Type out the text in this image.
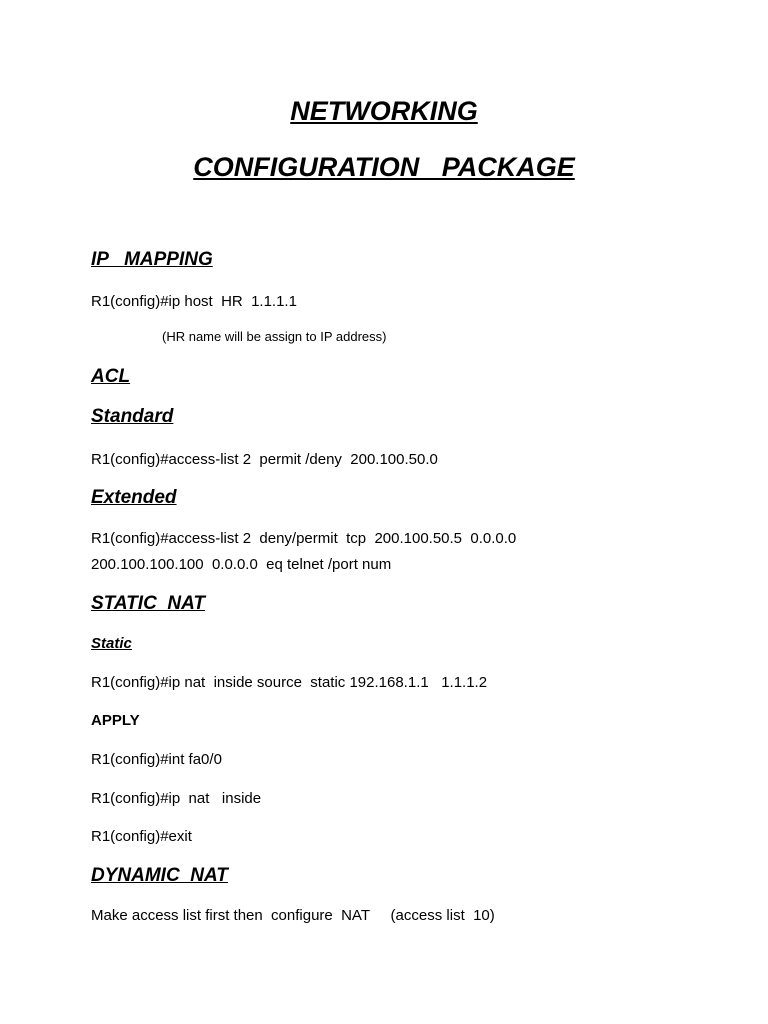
NETWORKING
CONFIGURATION   PACKAGE
IP   MAPPING
R1(config)#ip host  HR  1.1.1.1
(HR name will be assign to IP address)
ACL
Standard
R1(config)#access-list 2  permit /deny  200.100.50.0
Extended
R1(config)#access-list 2  deny/permit  tcp  200.100.50.5  0.0.0.0
200.100.100.100  0.0.0.0  eq telnet /port num
STATIC  NAT
Static
R1(config)#ip nat  inside source  static 192.168.1.1   1.1.1.2
APPLY
R1(config)#int fa0/0
R1(config)#ip  nat   inside
R1(config)#exit
DYNAMIC  NAT
Make access list first then  configure  NAT     (access list  10)
